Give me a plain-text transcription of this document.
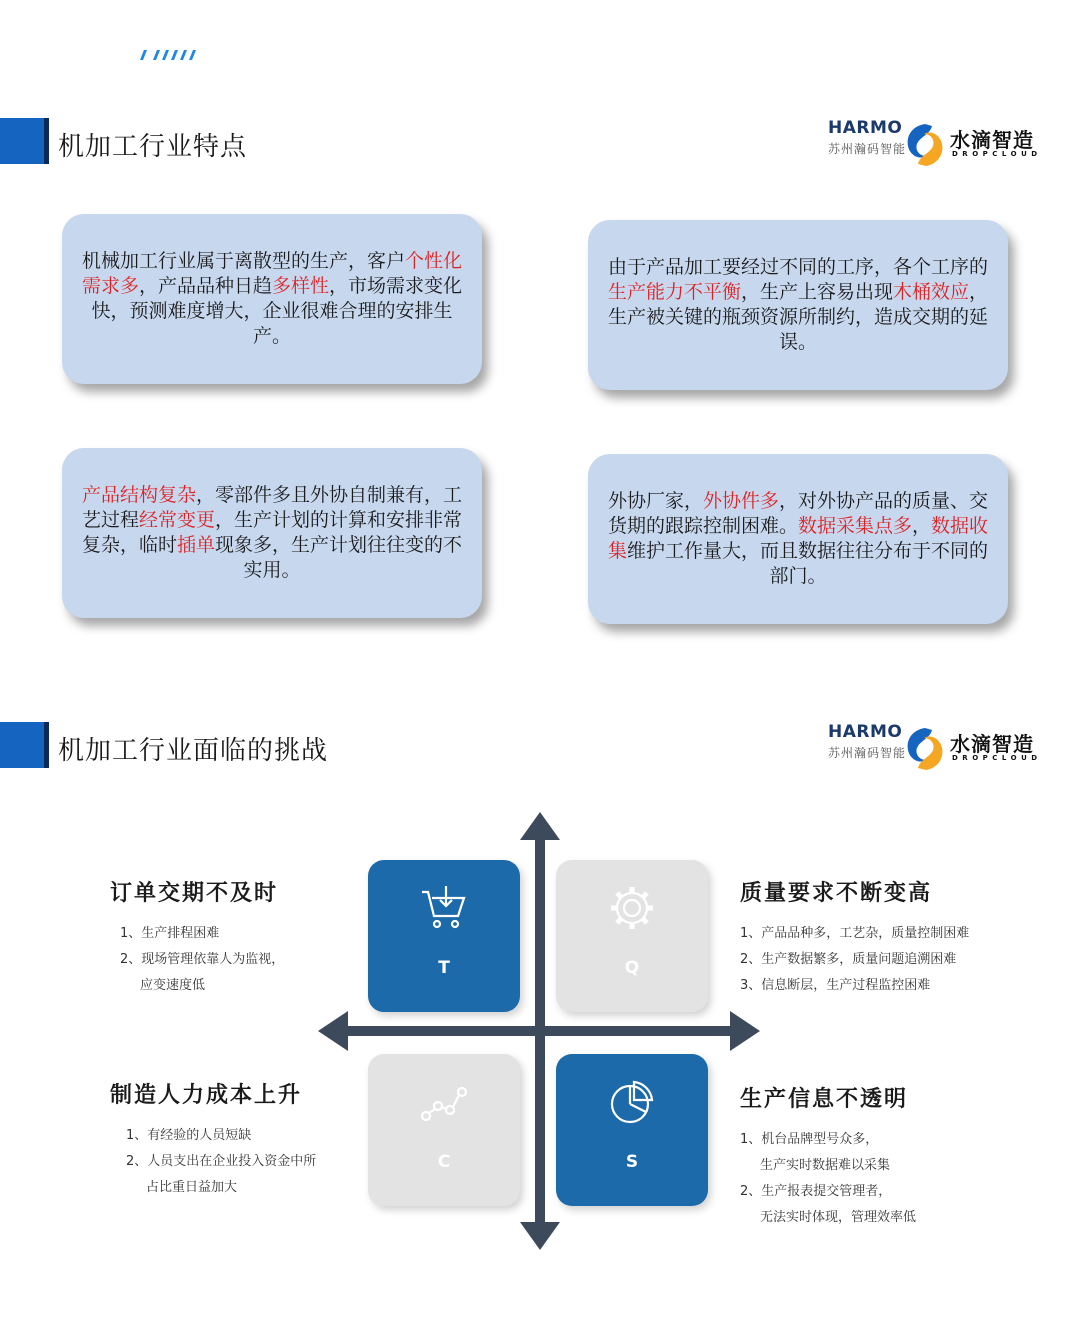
机加工行业特点
HARMO
苏州瀚码智能 水滴智造
DROPCLOUD

机械加工行业属于离散型的生产，客户个性化需求多，产品品种日趋多样性，市场需求变化快，预测难度增大，企业很难合理的安排生产。

由于产品加工要经过不同的工序，各个工序的生产能力不平衡，生产上容易出现木桶效应，生产被关键的瓶颈资源所制约，造成交期的延误。

产品结构复杂，零部件多且外协自制兼有，工艺过程经常变更，生产计划的计算和安排非常复杂，临时插单现象多，生产计划往往变的不实用。

外协厂家，外协件多，对外协产品的质量、交货期的跟踪控制困难。数据采集点多，数据收集维护工作量大，而且数据往往分布于不同的部门。

机加工行业面临的挑战
HARMO
苏州瀚码智能 水滴智造
DROPCLOUD
T	Q
C	S
订单交期不及时
1、生产排程困难
2、现场管理依靠人为监视，
应变速度低
质量要求不断变高
1、产品品种多，工艺杂，质量控制困难
2、生产数据繁多，质量问题追溯困难
3、信息断层，生产过程监控困难
制造人力成本上升
1、有经验的人员短缺
2、人员支出在企业投入资金中所
占比重日益加大
生产信息不透明
1、机台品牌型号众多，
生产实时数据难以采集
2、生产报表提交管理者，
无法实时体现，管理效率低
